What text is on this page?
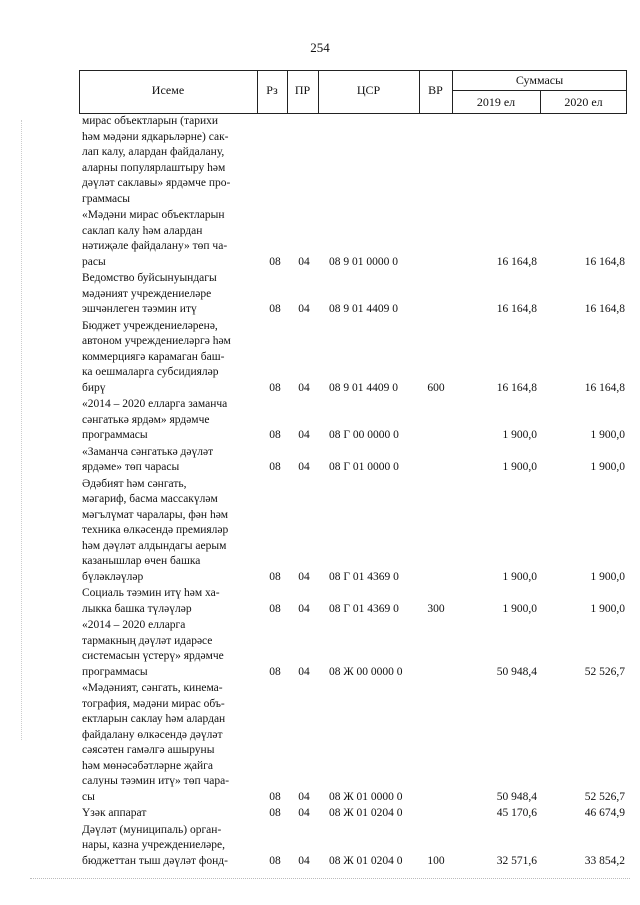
254
Исеме	Рз	ПР	ЦСР	ВР
Суммасы
2019 ел	2020 ел
мирас объектларын (тарихи
һәм мәдәни ядкарьләрне) сак-
лап калу, алардан файдалану,
аларны популярлаштыру һәм
дәүләт саклавы» ярдәмче про-
граммасы
«Мәдәни мирас объектларын
саклап калу һәм алардан
нәтиҗәле файдалану» төп ча-
расы	08	04	08 9 01 0000 0	16 164,8	16 164,8
Ведомство буйсынуындагы
мәдәният учреждениеләре
эшчәнлеген тәэмин итү	08	04	08 9 01 4409 0	16 164,8	16 164,8
Бюджет учреждениеләренә,
автоном учреждениеләргә һәм
коммерциягә карамаган баш-
ка оешмаларга субсидияләр
бирү	08	04	08 9 01 4409 0	600	16 164,8	16 164,8
«2014 – 2020 елларга заманча
сәнгатькә ярдәм» ярдәмче
программасы	08	04	08 Г 00 0000 0	1 900,0	1 900,0
«Заманча сәнгатькә дәүләт
ярдәме» төп чарасы	08	04	08 Г 01 0000 0	1 900,0	1 900,0
Әдәбият һәм сәнгать,
мәгариф, басма массакүләм
мәгълүмат чаралары, фән һәм
техника өлкәсендә премияләр
һәм дәүләт алдындагы аерым
казанышлар өчен башка
бүләкләүләр	08	04	08 Г 01 4369 0	1 900,0	1 900,0
Социаль тәэмин итү һәм ха-
лыкка башка түләүләр	08	04	08 Г 01 4369 0	300	1 900,0	1 900,0
«2014 – 2020 елларга
тармакның дәүләт идарәсе
системасын үстерү» ярдәмче
программасы	08	04	08 Ж 00 0000 0	50 948,4	52 526,7
«Мәдәният, сәнгать, кинема-
тография, мәдәни мирас объ-
ектларын саклау һәм алардан
файдалану өлкәсендә дәүләт
сәясәтен гамәлгә ашыруны
һәм мөнәсәбәтләрне җайга
салуны тәэмин итү» төп чара-
сы	08	04	08 Ж 01 0000 0	50 948,4	52 526,7
Үзәк аппарат	08	04	08 Ж 01 0204 0	45 170,6	46 674,9
Дәүләт (муниципаль) орган-
нары, казна учреждениеләре,
бюджеттан тыш дәүләт фонд-	08	04	08 Ж 01 0204 0	100	32 571,6	33 854,2
